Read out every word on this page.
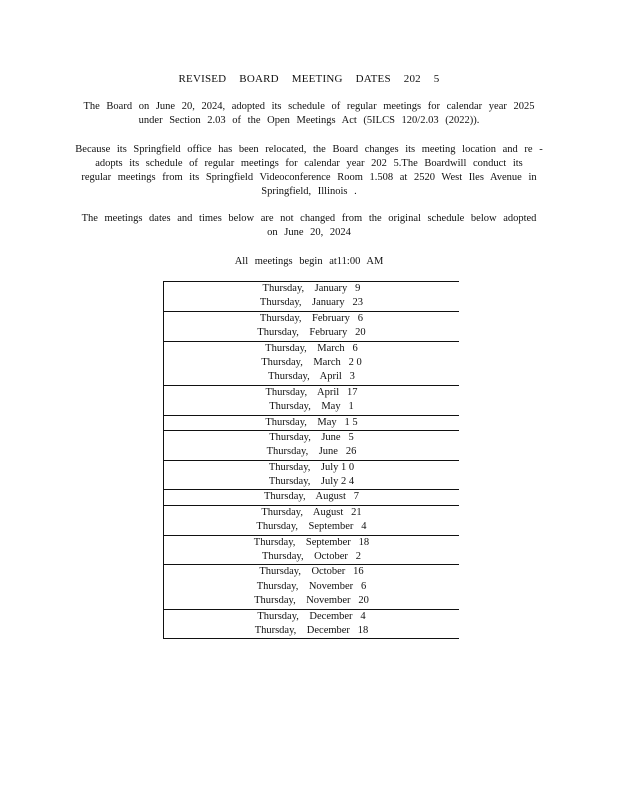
REVISED BOARD MEETING DATES 202 5
The Board on June 20, 2024, adopted its schedule of regular meetings for calendar year 2025
under Section 2.03 of the Open Meetings Act (5ILCS 120/2.03 (2022)).
Because its Springfield office has been relocated, the Board changes its meeting location and re -
adopts its schedule of regular meetings for calendar year 202 5.The Boardwill conduct its
regular meetings from its Springfield Videoconference Room 1.508 at 2520 West Iles Avenue in
Springfield, Illinois .
The meetings dates and times below are not changed from the original schedule below adopted
on June 20, 2024
All meetings begin at11:00 AM
Thursday,    January   9
Thursday,    January   23
Thursday,    February   6
Thursday,    February   20
Thursday,    March   6
Thursday,    March   2 0
Thursday,    April   3
Thursday,    April   17
Thursday,    May   1
Thursday,    May   1 5
Thursday,    June   5
Thursday,    June   26
Thursday,    July 1 0
Thursday,    July 2 4
Thursday,    August   7
Thursday,    August   21
Thursday,    September   4
Thursday,    September   18
Thursday,    October   2
Thursday,    October   16
Thursday,    November   6
Thursday,    November   20
Thursday,    December   4
Thursday,    December   18
